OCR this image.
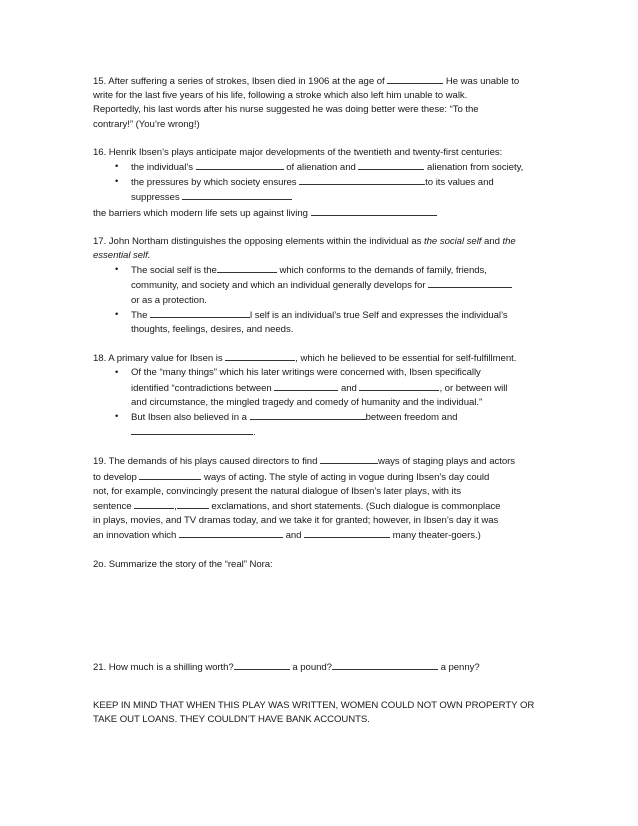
15. After suffering a series of strokes, Ibsen died in 1906 at the age of	He was unable to
write for the last five years of his life, following a stroke which also left him unable to walk.
Reportedly, his last words after his nurse suggested he was doing better were these: “To the
contrary!” (You’re wrong!)
16. Henrik Ibsen’s plays anticipate major developments of the twentieth and twenty-first centuries:
• the individual’s	of alienation and	alienation from society,
• the pressures by which society ensures	to its values and
suppresses
the barriers which modern life sets up against living
17. John Northam distinguishes the opposing elements within the individual as the social self and the
essential self.
• The social self is the	which conforms to the demands of family, friends,
community, and society and which an individual generally develops for
or as a protection.
• The	l self is an individual’s true Self and expresses the individual’s
thoughts, feelings, desires, and needs.
18. A primary value for Ibsen is	, which he believed to be essential for self-fulfillment.
• Of the “many things” which his later writings were concerned with, Ibsen specifically
identified “contradictions between	and	, or between will
and circumstance, the mingled tragedy and comedy of humanity and the individual.”
• But Ibsen also believed in a	between freedom and
.
19. The demands of his plays caused directors to find	ways of staging plays and actors
to develop	ways of acting. The style of acting in vogue during Ibsen’s day could
not, for example, convincingly present the natural dialogue of Ibsen’s later plays, with its
sentence	,	exclamations, and short statements. (Such dialogue is commonplace
in plays, movies, and TV dramas today, and we take it for granted; however, in Ibsen’s day it was
an innovation which	and	many theater-goers.)
2o. Summarize the story of the “real” Nora:
21. How much is a shilling worth?	a pound?	a penny?
KEEP IN MIND THAT WHEN THIS PLAY WAS WRITTEN, WOMEN COULD NOT OWN PROPERTY OR
TAKE OUT LOANS. THEY COULDN’T HAVE BANK ACCOUNTS.
